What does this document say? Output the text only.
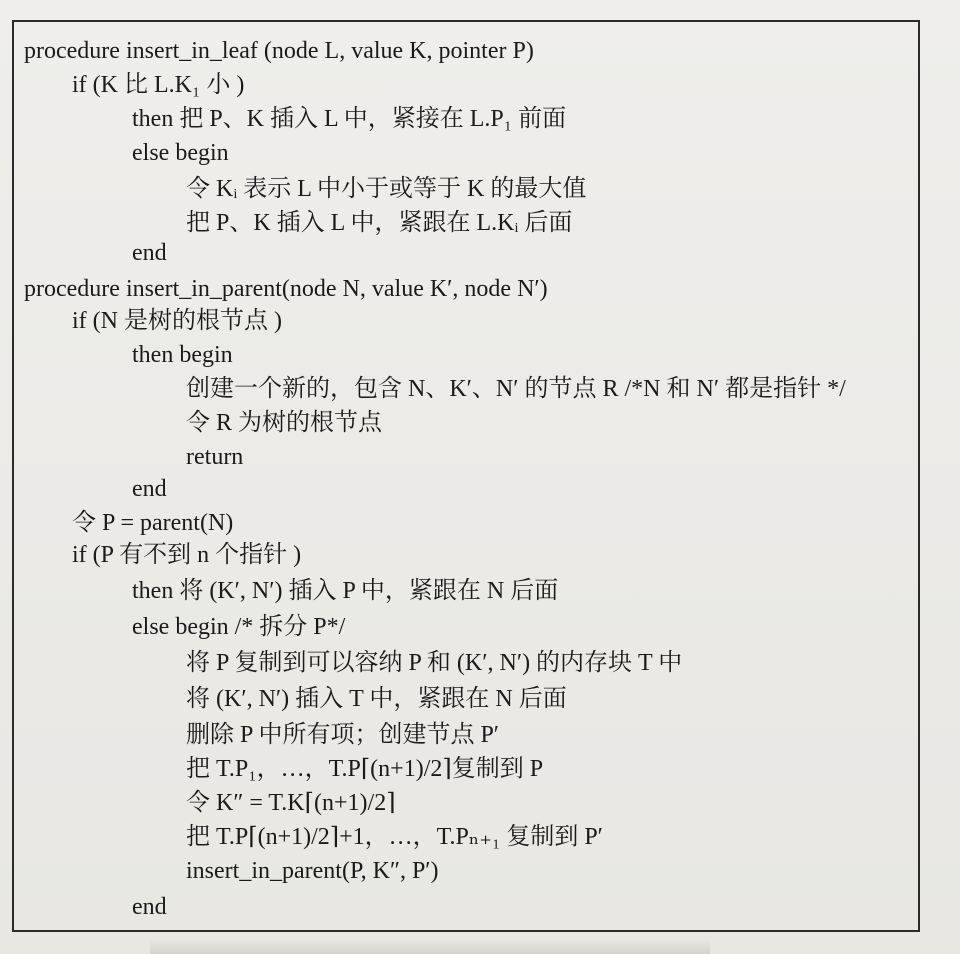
procedure insert_in_leaf (node L, value K, pointer P)
if (K 比 L.K₁ 小 )
then 把 P、K 插入 L 中，紧接在 L.P₁ 前面
else begin
令 Kᵢ 表示 L 中小于或等于 K 的最大值
把 P、K 插入 L 中，紧跟在 L.Kᵢ 后面
end
procedure insert_in_parent(node N, value K′, node N′)
if (N 是树的根节点 )
then begin
创建一个新的，包含 N、K′、N′ 的节点 R /*N 和 N′ 都是指针 */
令 R 为树的根节点
return
end
令 P = parent(N)
if (P 有不到 n 个指针 )
then 将 (K′, N′) 插入 P 中，紧跟在 N 后面
else begin /* 拆分 P*/
将 P 复制到可以容纳 P 和 (K′, N′) 的内存块 T 中
将 (K′, N′) 插入 T 中，紧跟在 N 后面
删除 P 中所有项；创建节点 P′
把 T.P₁，…，T.P⌈(n+1)/2⌉复制到 P
令 K″ = T.K⌈(n+1)/2⌉
把 T.P⌈(n+1)/2⌉+1，…，T.Pₙ₊₁ 复制到 P′
insert_in_parent(P, K″, P′)
end
